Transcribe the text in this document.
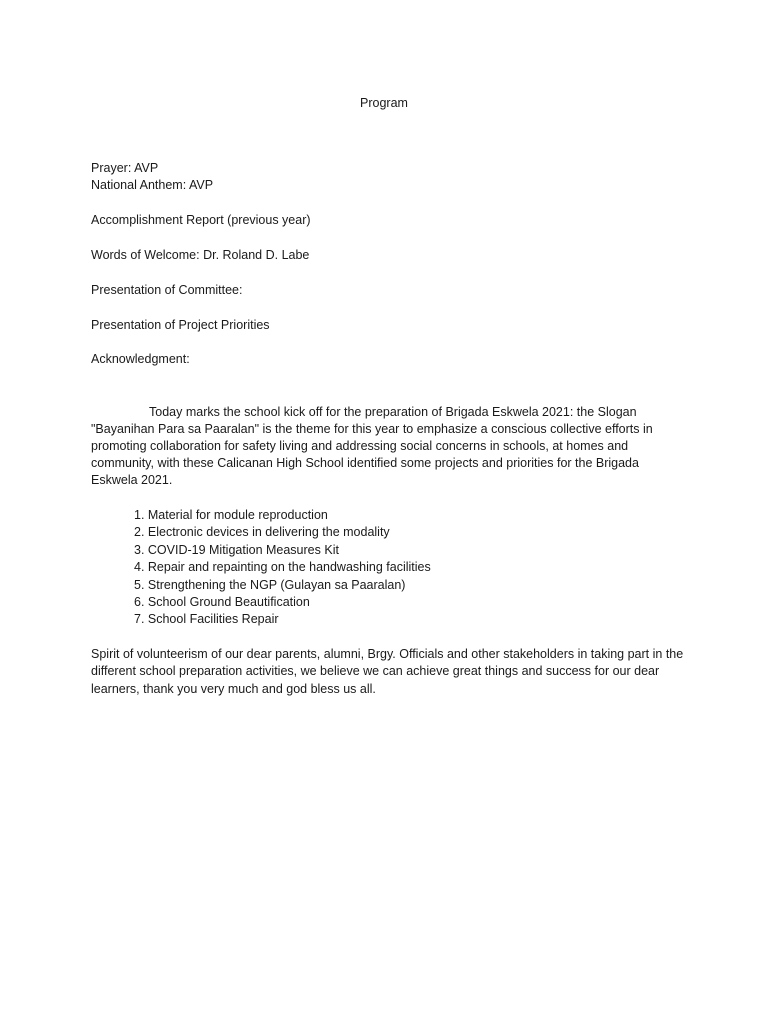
Program
Prayer: AVP
National Anthem: AVP
Accomplishment Report (previous year)
Words of Welcome: Dr. Roland D. Labe
Presentation of Committee:
Presentation of Project Priorities
Acknowledgment:

Today marks the school kick off for the preparation of Brigada Eskwela 2021: the Slogan "Bayanihan Para sa Paaralan" is the theme for this year to emphasize a conscious collective efforts in promoting collaboration for safety living and addressing social concerns in schools, at homes and community, with these Calicanan High School identified some projects and priorities for the Brigada Eskwela 2021.

1. Material for module reproduction
2. Electronic devices in delivering the modality
3. COVID-19 Mitigation Measures Kit
4. Repair and repainting on the handwashing facilities
5. Strengthening the NGP (Gulayan sa Paaralan)
6. School Ground Beautification
7. School Facilities Repair

Spirit of volunteerism of our dear parents, alumni, Brgy. Officials and other stakeholders in taking part in the different school preparation activities, we believe we can achieve great things and success for our dear learners, thank you very much and god bless us all.
